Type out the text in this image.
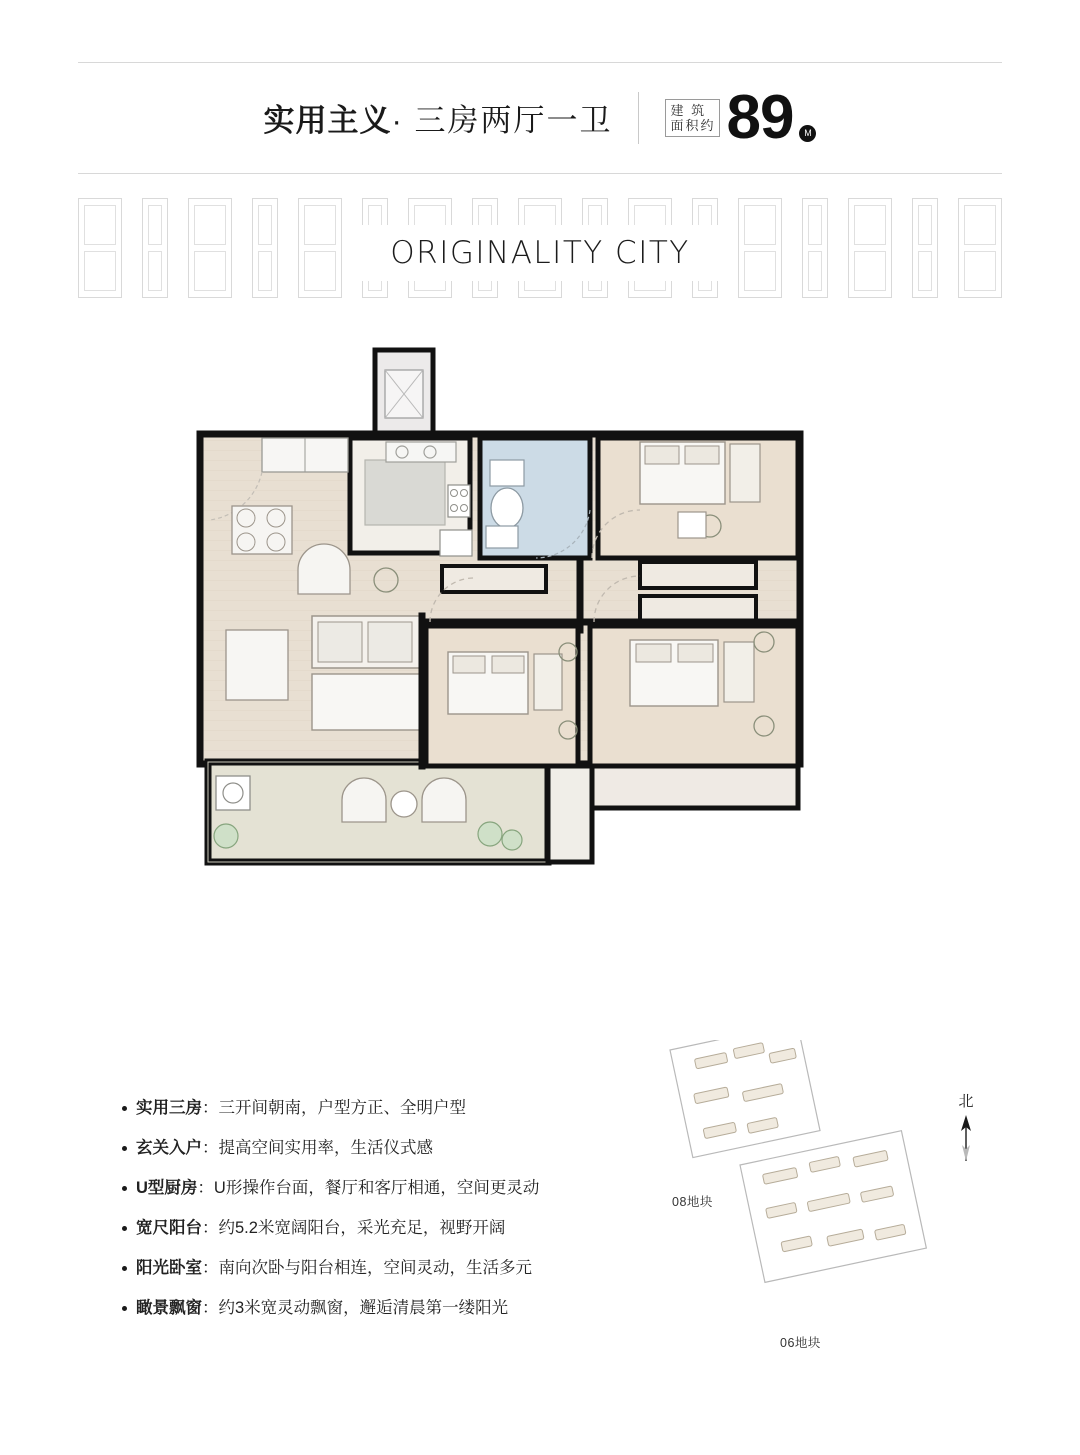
实用主义· 三房两厅一卫	建 筑
面积约 89	M
ORIGINALITY CITY
实用三房：三开间朝南，户型方正、全明户型
玄关入户：提高空间实用率，生活仪式感
U型厨房：U形操作台面，餐厅和客厅相通，空间更灵动
宽尺阳台：约5.2米宽阔阳台，采光充足，视野开阔
阳光卧室：南向次卧与阳台相连，空间灵动，生活多元
瞰景飘窗：约3米宽灵动飘窗，邂逅清晨第一缕阳光
08地块
06地块
北
